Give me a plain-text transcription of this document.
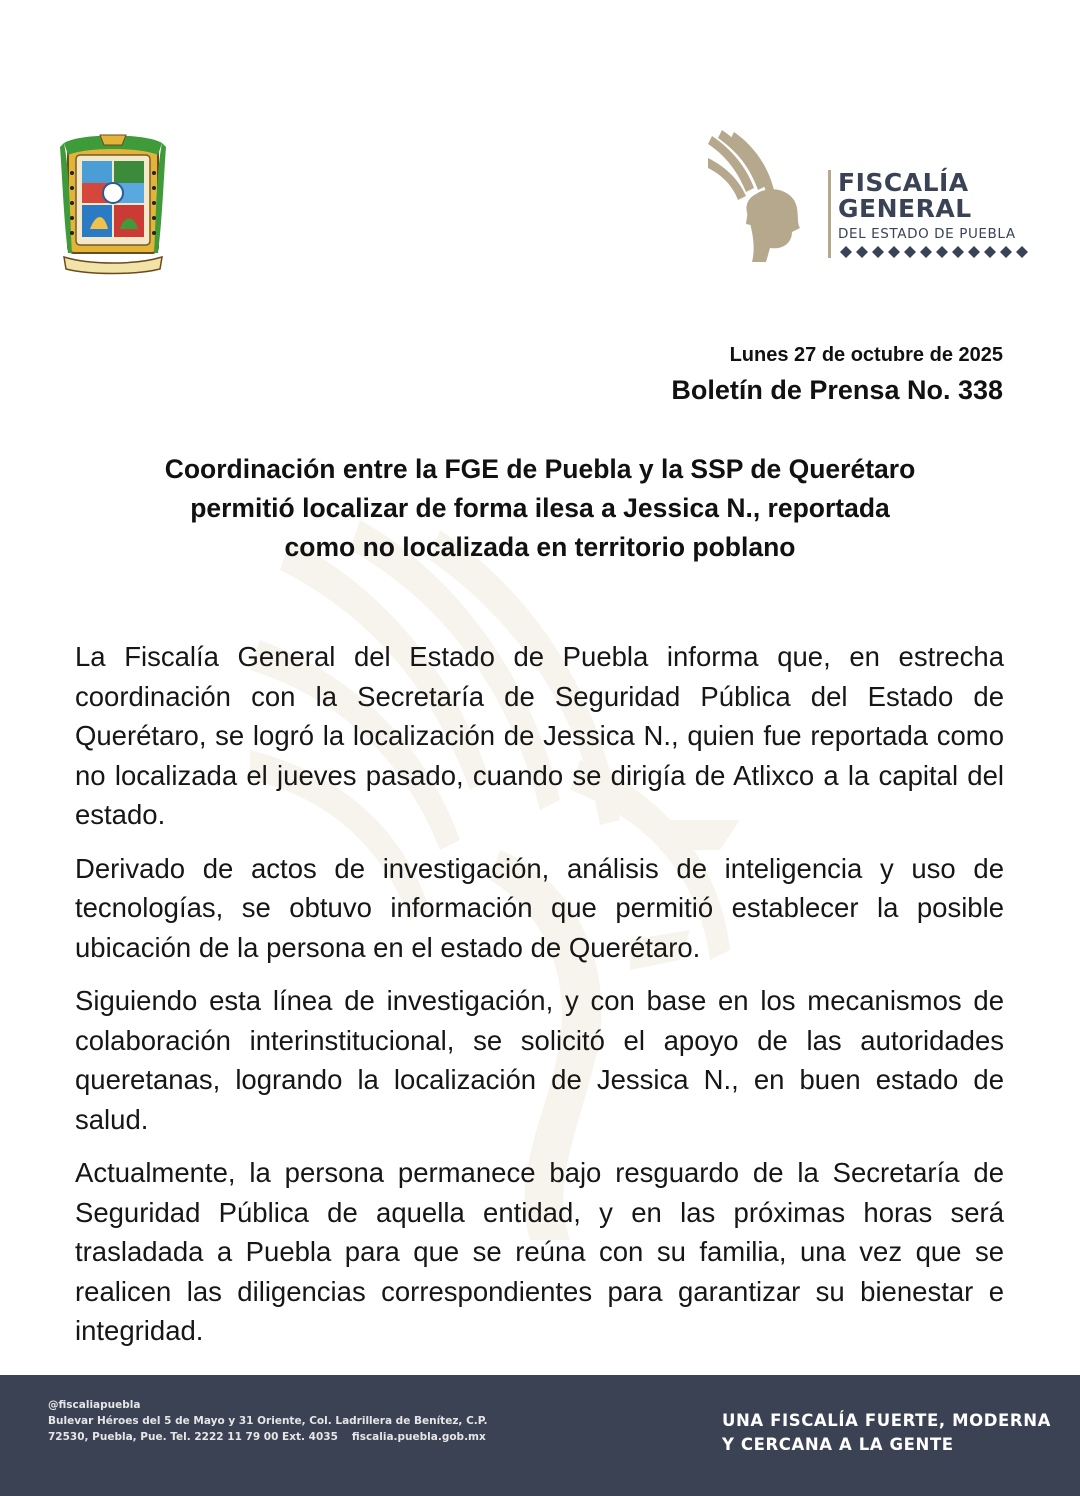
FISCALÍA
GENERAL
DEL ESTADO DE PUEBLA
Lunes 27 de octubre de 2025
Boletín de Prensa No. 338
Coordinación entre la FGE de Puebla y la SSP de Querétaro
permitió localizar de forma ilesa a Jessica N., reportada
como no localizada en territorio poblano

La Fiscalía General del Estado de Puebla informa que, en estrecha coordinación con la Secretaría de Seguridad Pública del Estado de Querétaro, se logró la localización de Jessica N., quien fue reportada como no localizada el jueves pasado, cuando se dirigía de Atlixco a la capital del estado.

Derivado de actos de investigación, análisis de inteligencia y uso de tecnologías, se obtuvo información que permitió establecer la posible ubicación de la persona en el estado de Querétaro.

Siguiendo esta línea de investigación, y con base en los mecanismos de colaboración interinstitucional, se solicitó el apoyo de las autoridades queretanas, logrando la localización de Jessica N., en buen estado de salud.

Actualmente, la persona permanece bajo resguardo de la Secretaría de Seguridad Pública de aquella entidad, y en las próximas horas será trasladada a Puebla para que se reúna con su familia, una vez que se realicen las diligencias correspondientes para garantizar su bienestar e integridad.

@fiscaliapuebla
Bulevar Héroes del 5 de Mayo y 31 Oriente, Col. Ladrillera de Benítez, C.P.
72530, Puebla, Pue. Tel. 2222 11 79 00 Ext. 4035 fiscalia.puebla.gob.mx
UNA FISCALÍA FUERTE, MODERNA
Y CERCANA A LA GENTE
